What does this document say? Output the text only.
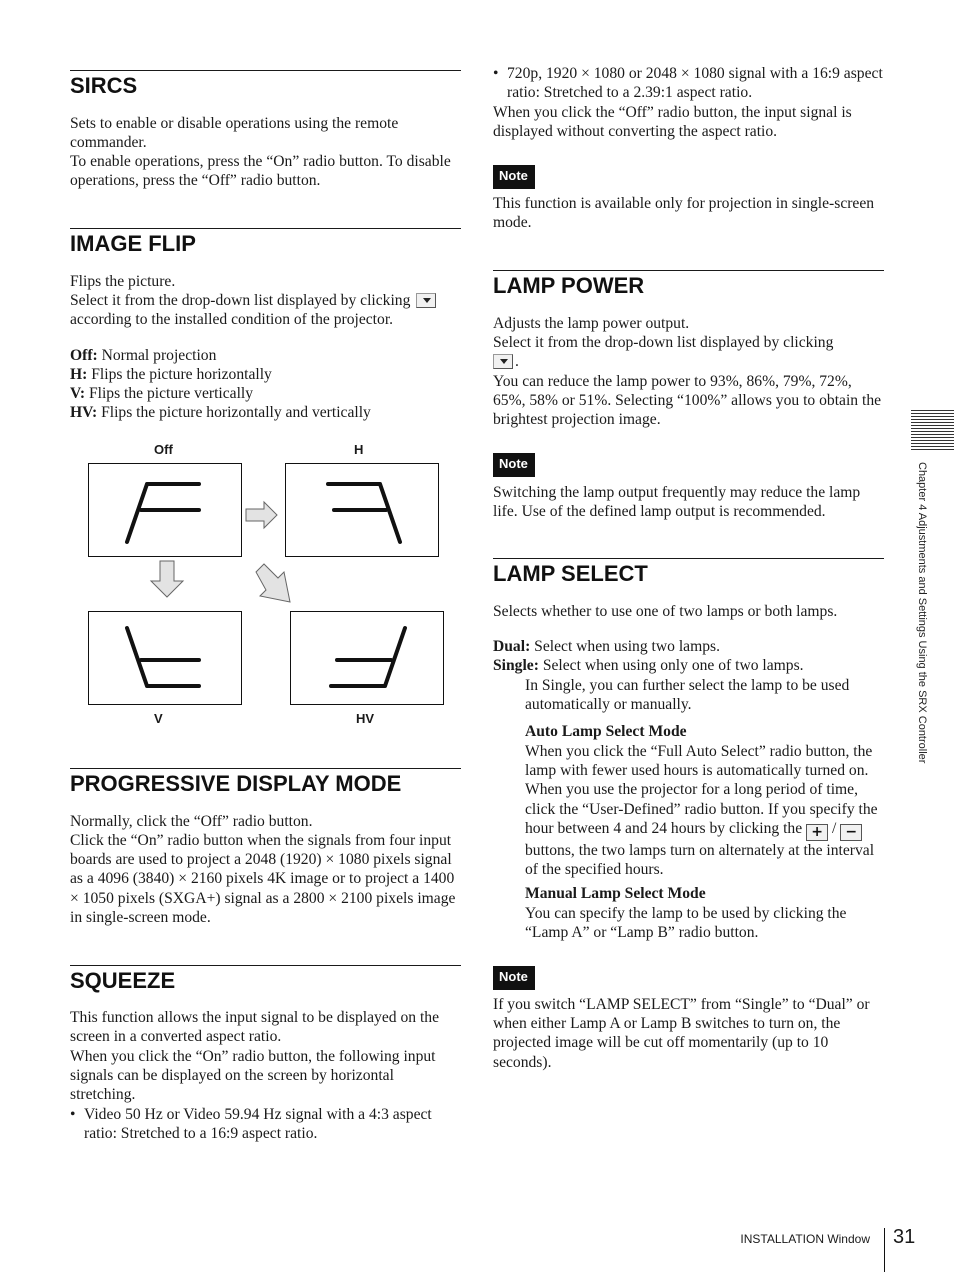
SIRCS

Sets to enable or disable operations using the remote commander.

To enable operations, press the “On” radio button. To disable operations, press the “Off” radio button.

IMAGE FLIP

Flips the picture.

Select it from the drop-down list displayed by clicking  according to the installed condition of the projector.

Off: Normal projection

H: Flips the picture horizontally

V: Flips the picture vertically

HV: Flips the picture horizontally and vertically

PROGRESSIVE DISPLAY MODE

Normally, click the “Off” radio button.

Click the “On” radio button when the signals from four input boards are used to project a 2048 (1920) × 1080 pixels signal as a 4096 (3840) × 2160 pixels 4K image or to project a 1400 × 1050 pixels (SXGA+) signal as a 2800 × 2100 pixels image in single-screen mode.

SQUEEZE

This function allows the input signal to be displayed on the screen in a converted aspect ratio.

When you click the “On” radio button, the following input signals can be displayed on the screen by horizontal stretching.

• Video 50 Hz or Video 59.94 Hz signal with a 4:3 aspect ratio: Stretched to a 16:9 aspect ratio.

Off	H
V	HV

• 720p, 1920 × 1080 or 2048 × 1080 signal with a 16:9 aspect ratio: Stretched to a 2.39:1 aspect ratio.

When you click the “Off” radio button, the input signal is displayed without converting the aspect ratio.

Note

This function is available only for projection in single-screen mode.

LAMP POWER

Adjusts the lamp power output.

Select it from the drop-down list displayed by clicking
.

You can reduce the lamp power to 93%, 86%, 79%, 72%, 65%, 58% or 51%. Selecting “100%” allows you to obtain the brightest projection image.

Note

Switching the lamp output frequently may reduce the lamp life. Use of the defined lamp output is recommended.

LAMP SELECT

Selects whether to use one of two lamps or both lamps.

Dual: Select when using two lamps.

Single: Select when using only one of two lamps.

In Single, you can further select the lamp to be used automatically or manually.

Auto Lamp Select Mode

When you click the “Full Auto Select” radio button, the lamp with fewer used hours is automatically turned on. When you use the projector for a long period of time, click the “User-Defined” radio button. If you specify the hour between 4 and 24 hours by clicking the + / − buttons, the two lamps turn on alternately at the interval of the specified hours.

Manual Lamp Select Mode

You can specify the lamp to be used by clicking the “Lamp A” or “Lamp B” radio button.

Note

If you switch “LAMP SELECT” from “Single” to “Dual” or when either Lamp A or Lamp B switches to turn on, the projected image will be cut off momentarily (up to 10 seconds).

Chapter 4 Adjustments and Settings Using the SRX Controller
INSTALLATION Window 31
